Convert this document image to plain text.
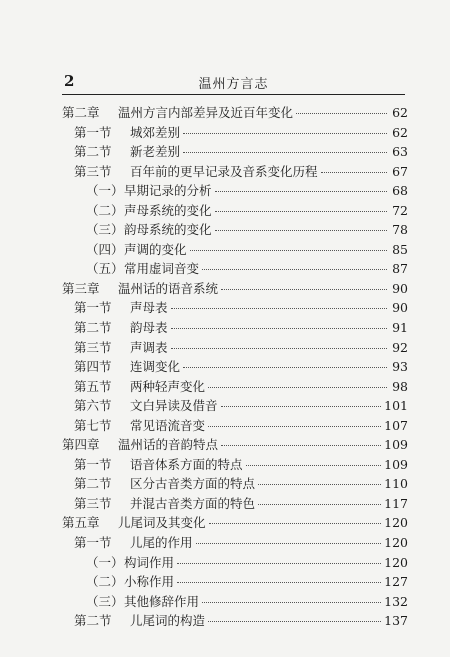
2	温州方言志
第二章 温州方言内部差异及近百年变化	62
第一节 城郊差别	62
第二节 新老差别	63
第三节 百年前的更早记录及音系变化历程	67
（一）早期记录的分析	68
（二）声母系统的变化	72
（三）韵母系统的变化	78
（四）声调的变化	85
（五）常用虚词音变	87
第三章 温州话的语音系统	90
第一节 声母表	90
第二节 韵母表	91
第三节 声调表	92
第四节 连调变化	93
第五节 两种轻声变化	98
第六节 文白异读及借音	101
第七节 常见语流音变	107
第四章 温州话的音韵特点	109
第一节 语音体系方面的特点	109
第二节 区分古音类方面的特点	110
第三节 并混古音类方面的特色	117
第五章 儿尾词及其变化	120
第一节 儿尾的作用	120
（一）构词作用	120
（二）小称作用	127
（三）其他修辞作用	132
第二节 儿尾词的构造	137
